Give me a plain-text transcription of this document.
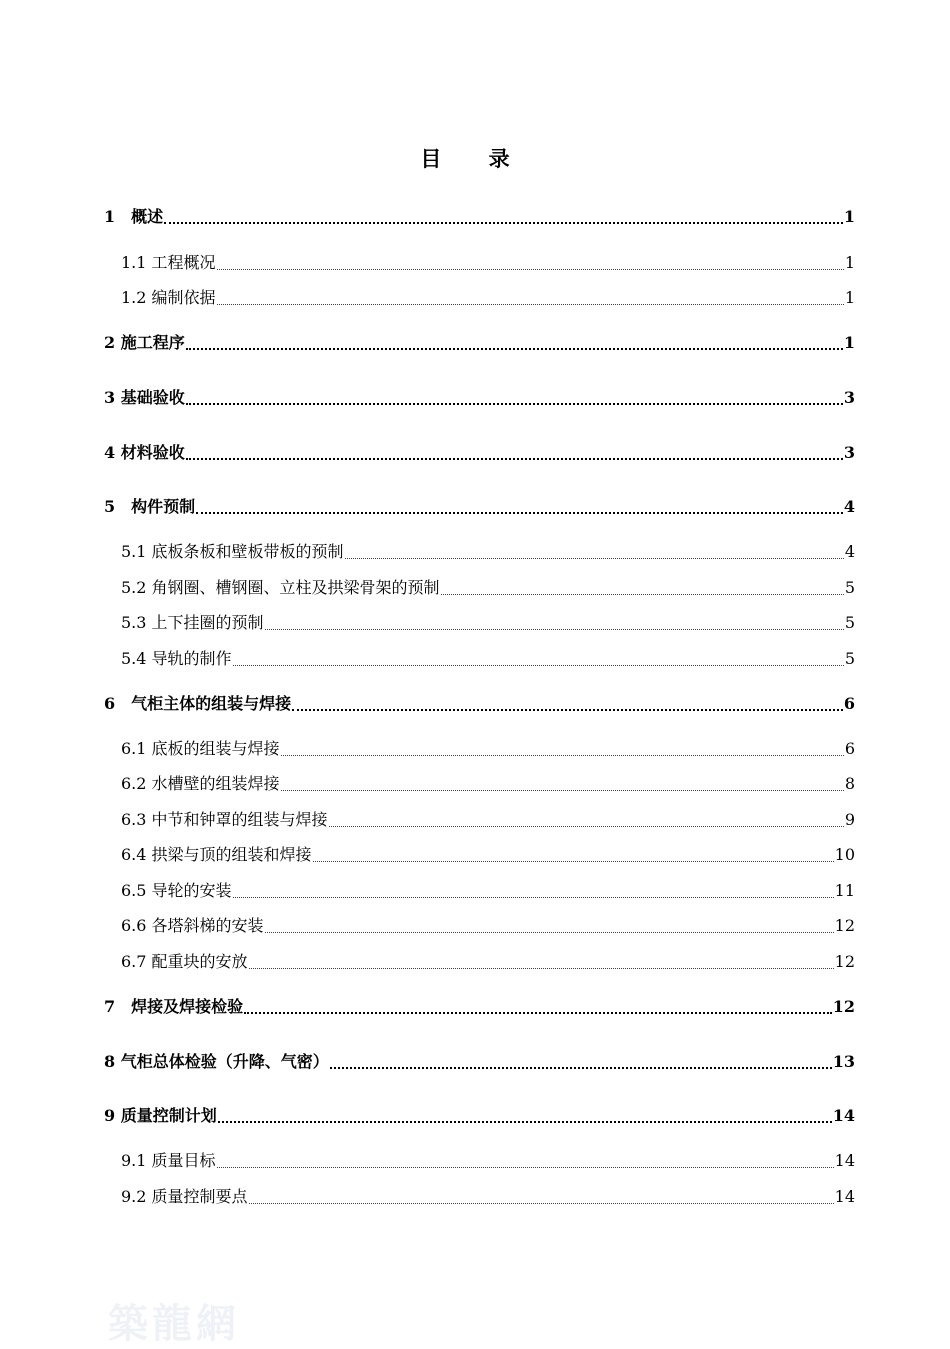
目 录
1　概述	1
1.1 工程概况	1
1.2 编制依据	1
2 施工程序	1
3 基础验收	3
4 材料验收	3
5　构件预制	4
5.1 底板条板和壁板带板的预制	4
5.2 角钢圈、槽钢圈、立柱及拱梁骨架的预制	5
5.3 上下挂圈的预制	5
5.4 导轨的制作	5
6　气柜主体的组装与焊接	6
6.1 底板的组装与焊接	6
6.2 水槽壁的组装焊接	8
6.3 中节和钟罩的组装与焊接	9
6.4 拱梁与顶的组装和焊接	10
6.5 导轮的安装	11
6.6 各塔斜梯的安装	12
6.7 配重块的安放	12
7　焊接及焊接检验	12
8 气柜总体检验（升降、气密）	13
9 质量控制计划	14
9.1 质量目标	14
9.2 质量控制要点	14
築龍網
